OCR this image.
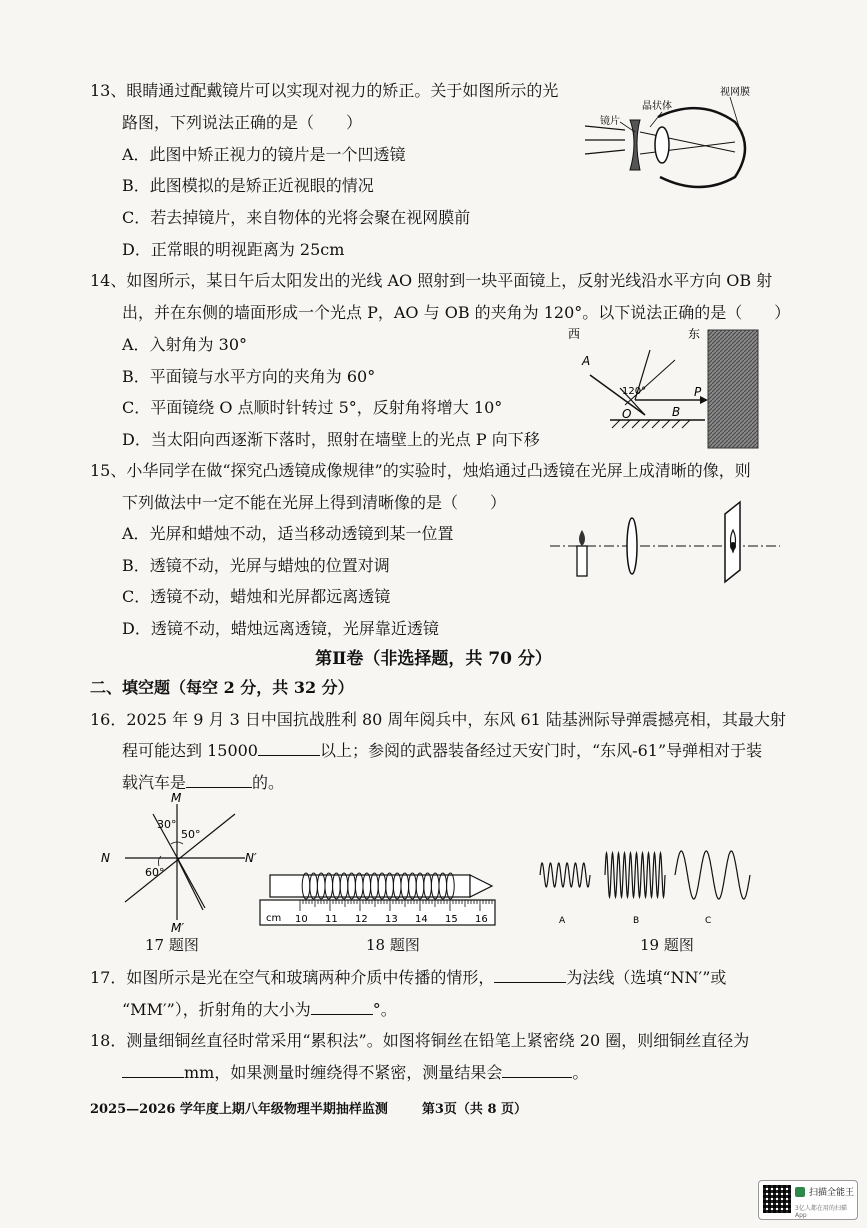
13、眼睛通过配戴镜片可以实现对视力的矫正。关于如图所示的光
路图，下列说法正确的是（　　）
A．此图中矫正视力的镜片是一个凹透镜
B．此图模拟的是矫正近视眼的情况
C．若去掉镜片，来自物体的光将会聚在视网膜前
D．正常眼的明视距离为 25cm
镜片
晶状体
视网膜
14、如图所示，某日午后太阳发出的光线 AO 照射到一块平面镜上，反射光线沿水平方向 OB 射
出，并在东侧的墙面形成一个光点 P，AO 与 OB 的夹角为 120°。以下说法正确的是（　　）
A．入射角为 30°
B．平面镜与水平方向的夹角为 60°
C．平面镜绕 O 点顺时针转过 5°，反射角将增大 10°
D．当太阳向西逐渐下落时，照射在墙壁上的光点 P 向下移
西	东
A
O	B
P
120°
15、小华同学在做“探究凸透镜成像规律”的实验时，烛焰通过凸透镜在光屏上成清晰的像，则
下列做法中一定不能在光屏上得到清晰像的是（　　）
A．光屏和蜡烛不动，适当移动透镜到某一位置
B．透镜不动，光屏与蜡烛的位置对调
C．透镜不动，蜡烛和光屏都远离透镜
D．透镜不动，蜡烛远离透镜，光屏靠近透镜
第Ⅱ卷（非选择题，共 70 分）
二、填空题（每空 2 分，共 32 分）
16．2025 年 9 月 3 日中国抗战胜利 80 周年阅兵中，东风 61 陆基洲际导弹震撼亮相，其最大射
程可能达到 15000	以上；参阅的武器装备经过天安门时，“东风-61”导弹相对于装
载汽车是	的。
M
M′
N	N′
30°
50°
60°
17 题图
cm 10 11 12 13 14 15 16
18 题图
A	B	C
19 题图
17．如图所示是光在空气和玻璃两种介质中传播的情形，	为法线（选填“NN′”或
“MM′”），折射角的大小为	°。
18．测量细铜丝直径时常采用“累积法”。如图将铜丝在铅笔上紧密绕 20 圈，则细铜丝直径为
mm，如果测量时缠绕得不紧密，测量结果会	。
2025—2026 学年度上期八年级物理半期抽样监测	第3页（共 8 页）
扫描全能王
3亿人都在用的扫描App
